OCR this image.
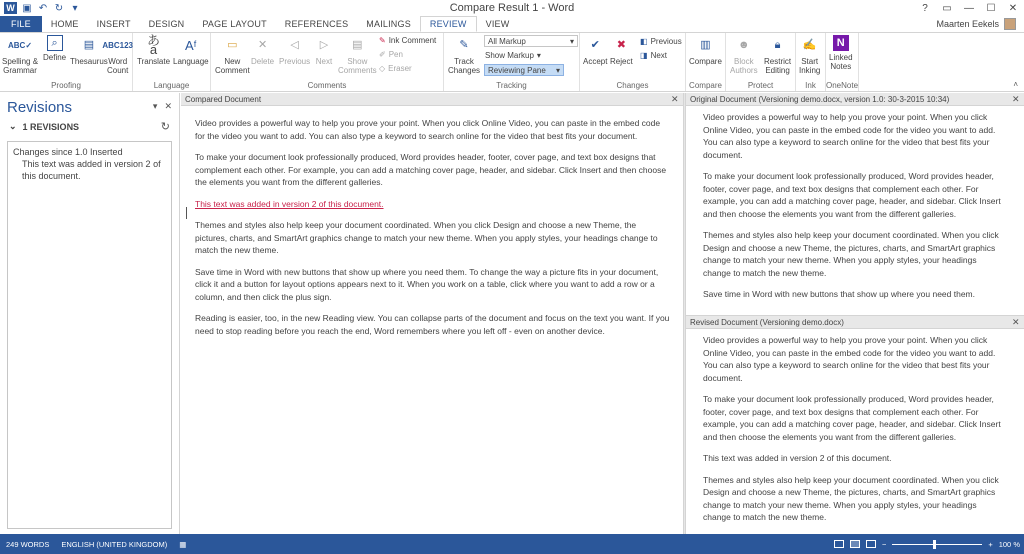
W ▣ ↶ ↻ ▾	Compare Result 1 - Word	?	▭	—	☐	✕
FILE	HOME	INSERT	DESIGN	PAGE LAYOUT	REFERENCES	MAILINGS	REVIEW	VIEW	Maarten Eekels
ABC✓
Spelling &
Grammar
⌕
Define
▤
Thesaurus
ABC123
Word
Count
Proofing
あa
Translate
Aᶠ
Language
Language
▭
New
Comment
✕
Delete
◁
Previous
▷
Next
▤
Show
Comments
✎ Ink Comment
✐ Pen
◇ Eraser
Comments
✎
Track
Changes
All Markup	▾
Show Markup ▾
Reviewing Pane ▾
Tracking
✔
Accept
✖
Reject
◧ Previous
◨ Next
Changes
▥
Compare
Compare
☻
Block
Authors
🔒︎
Restrict
Editing
Protect
✍
Start
Inking
Ink
N
Linked
Notes
OneNote	˄
Revisions	▾ ✕
⌄ 1 REVISIONS	↻
Changes since 1.0 Inserted
This text was added in version 2 of this document.
Compared Document	✕

Video provides a powerful way to help you prove your point. When you click Online Video, you can paste in the embed code for the video you want to add. You can also type a keyword to search online for the video that best fits your document.

To make your document look professionally produced, Word provides header, footer, cover page, and text box designs that complement each other. For example, you can add a matching cover page, header, and sidebar. Click Insert and then choose the elements you want from the different galleries.

This text was added in version 2 of this document.

Themes and styles also help keep your document coordinated. When you click Design and choose a new Theme, the pictures, charts, and SmartArt graphics change to match your new theme. When you apply styles, your headings change to match the new theme.

Save time in Word with new buttons that show up where you need them. To change the way a picture fits in your document, click it and a button for layout options appears next to it. When you work on a table, click where you want to add a row or a column, and then click the plus sign.

Reading is easier, too, in the new Reading view. You can collapse parts of the document and focus on the text you want. If you need to stop reading before you reach the end, Word remembers where you left off - even on another device.

Original Document (Versioning demo.docx, version 1.0: 30-3-2015 10:34)	✕

Video provides a powerful way to help you prove your point. When you click Online Video, you can paste in the embed code for the video you want to add. You can also type a keyword to search online for the video that best fits your document.

To make your document look professionally produced, Word provides header, footer, cover page, and text box designs that complement each other. For example, you can add a matching cover page, header, and sidebar. Click Insert and then choose the elements you want from the different galleries.

Themes and styles also help keep your document coordinated. When you click Design and choose a new Theme, the pictures, charts, and SmartArt graphics change to match your new theme. When you apply styles, your headings change to match the new theme.

Save time in Word with new buttons that show up where you need them.

Revised Document (Versioning demo.docx)	✕

Video provides a powerful way to help you prove your point. When you click Online Video, you can paste in the embed code for the video you want to add. You can also type a keyword to search online for the video that best fits your document.

To make your document look professionally produced, Word provides header, footer, cover page, and text box designs that complement each other. For example, you can add a matching cover page, header, and sidebar. Click Insert and then choose the elements you want from the different galleries.

This text was added in version 2 of this document.

Themes and styles also help keep your document coordinated. When you click Design and choose a new Theme, the pictures, charts, and SmartArt graphics change to match your new theme. When you apply styles, your headings change to match the new theme.

249 WORDS	ENGLISH (UNITED KINGDOM)	▦	−	+ 100 %
